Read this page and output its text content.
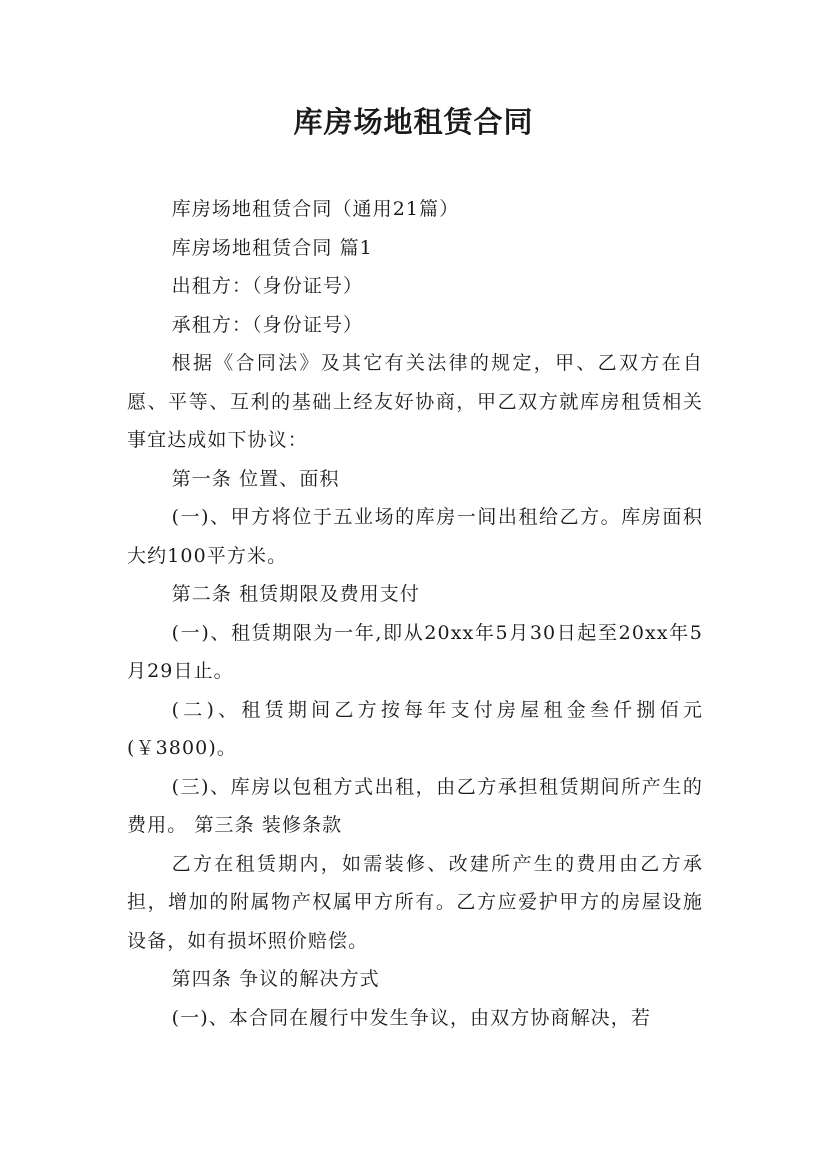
库房场地租赁合同

库房场地租赁合同（通用21篇）

库房场地租赁合同 篇1

出租方：（身份证号）

承租方：（身份证号）

根据《合同法》及其它有关法律的规定，甲、乙双方在自愿、平等、互利的基础上经友好协商，甲乙双方就库房租赁相关事宜达成如下协议：

第一条 位置、面积

(一)、甲方将位于五业场的库房一间出租给乙方。库房面积大约100平方米。

第二条 租赁期限及费用支付

(一)、租赁期限为一年,即从20xx年5月30日起至20xx年5月29日止。

(二)、租赁期间乙方按每年支付房屋租金叁仟捌佰元(￥3800)。

(三)、库房以包租方式出租，由乙方承担租赁期间所产生的费用。 第三条 装修条款

乙方在租赁期内，如需装修、改建所产生的费用由乙方承担，增加的附属物产权属甲方所有。乙方应爱护甲方的房屋设施设备，如有损坏照价赔偿。

第四条 争议的解决方式

(一)、本合同在履行中发生争议，由双方协商解决，若
